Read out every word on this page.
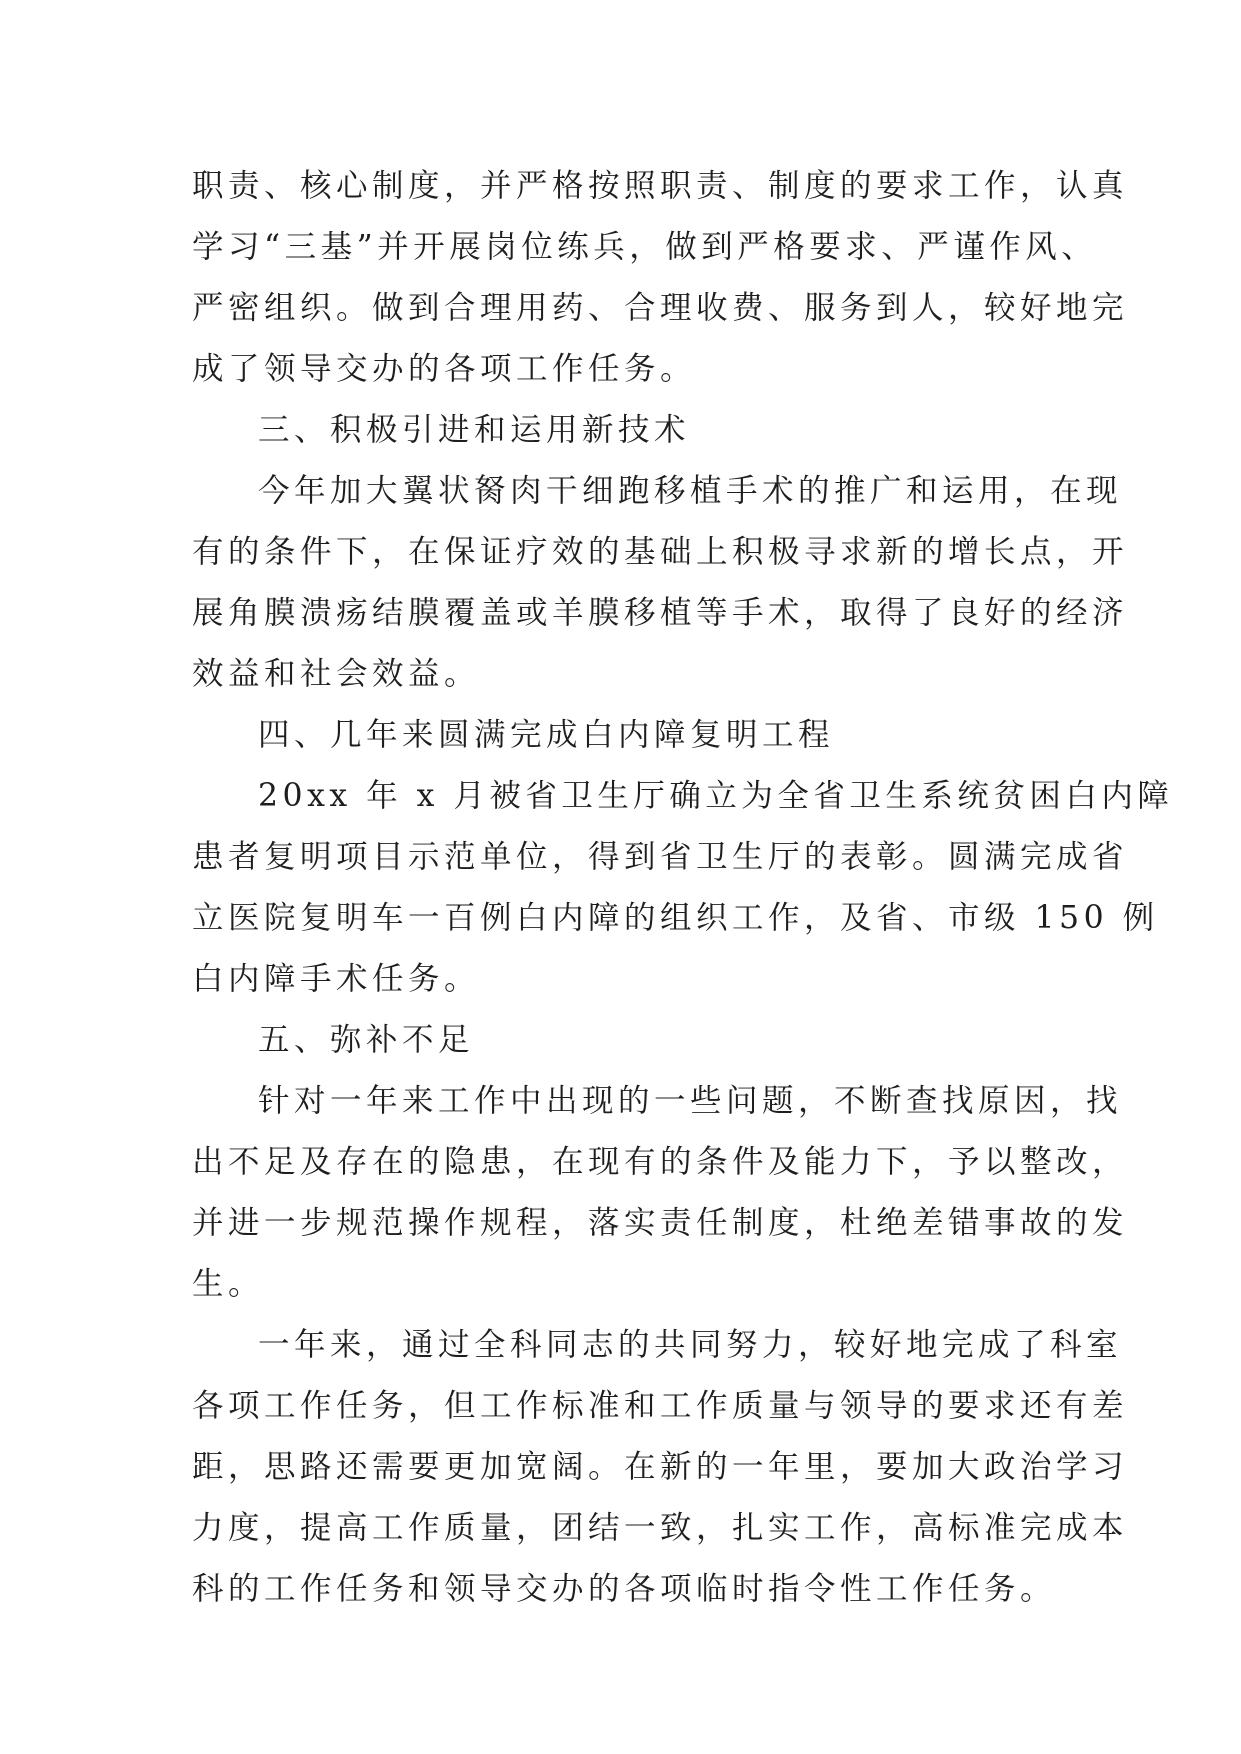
职责、核心制度，并严格按照职责、制度的要求工作，认真
学习“三基”并开展岗位练兵，做到严格要求、严谨作风、
严密组织。做到合理用药、合理收费、服务到人，较好地完
成了领导交办的各项工作任务。
三、积极引进和运用新技术
今年加大翼状胬肉干细跑移植手术的推广和运用，在现
有的条件下，在保证疗效的基础上积极寻求新的增长点，开
展角膜溃疡结膜覆盖或羊膜移植等手术，取得了良好的经济
效益和社会效益。
四、几年来圆满完成白内障复明工程
20xx 年 x 月被省卫生厅确立为全省卫生系统贫困白内障
患者复明项目示范单位，得到省卫生厅的表彰。圆满完成省
立医院复明车一百例白内障的组织工作，及省、市级 150 例
白内障手术任务。
五、弥补不足
针对一年来工作中出现的一些问题，不断查找原因，找
出不足及存在的隐患，在现有的条件及能力下，予以整改，
并进一步规范操作规程，落实责任制度，杜绝差错事故的发
生。
一年来，通过全科同志的共同努力，较好地完成了科室
各项工作任务，但工作标准和工作质量与领导的要求还有差
距，思路还需要更加宽阔。在新的一年里，要加大政治学习
力度，提高工作质量，团结一致，扎实工作，高标准完成本
科的工作任务和领导交办的各项临时指令性工作任务。
